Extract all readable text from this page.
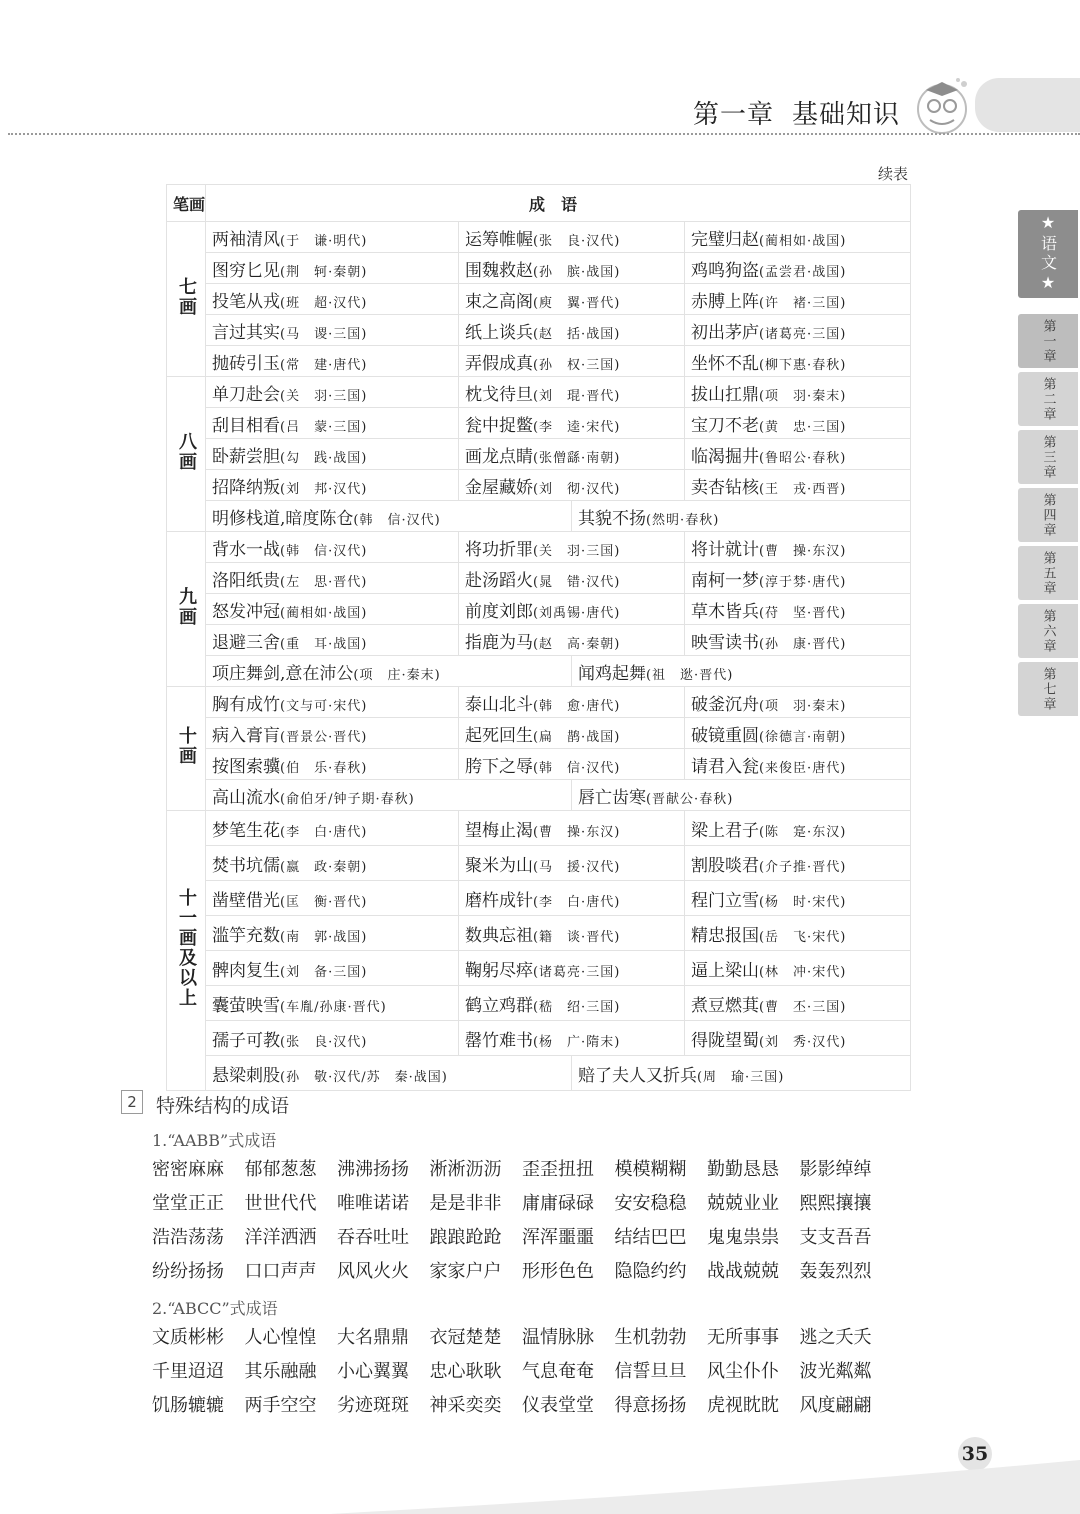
第一章 基础知识
续表
★语文★
第一章
第二章
第三章
第四章
第五章
第六章
第七章
笔画	成语			
七画	两袖清风(于　谦·明代)	运筹帷幄(张　良·汉代)		完璧归赵(蔺相如·战国)
	图穷匕见(荆　轲·秦朝)	围魏救赵(孙　膑·战国)		鸡鸣狗盗(孟尝君·战国)
	投笔从戎(班　超·汉代)	束之高阁(庾　翼·晋代)		赤膊上阵(许　褚·三国)
	言过其实(马　谡·三国)	纸上谈兵(赵　括·战国)		初出茅庐(诸葛亮·三国)
	抛砖引玉(常　建·唐代)	弄假成真(孙　权·三国)		坐怀不乱(柳下惠·春秋)
八画	单刀赴会(关　羽·三国)	枕戈待旦(刘　琨·晋代)		拔山扛鼎(项　羽·秦末)
	刮目相看(吕　蒙·三国)	瓮中捉鳖(李　逵·宋代)		宝刀不老(黄　忠·三国)
	卧薪尝胆(勾　践·战国)	画龙点睛(张僧繇·南朝)		临渴掘井(鲁昭公·春秋)
	招降纳叛(刘　邦·汉代)	金屋藏娇(刘　彻·汉代)		卖杏钻核(王　戎·西晋)
	明修栈道,暗度陈仓(韩　信·汉代)		其貌不扬(然明·春秋)	
九画	背水一战(韩　信·汉代)	将功折罪(关　羽·三国)		将计就计(曹　操·东汉)
	洛阳纸贵(左　思·晋代)	赴汤蹈火(晁　错·汉代)		南柯一梦(淳于棼·唐代)
	怒发冲冠(蔺相如·战国)	前度刘郎(刘禹锡·唐代)		草木皆兵(苻　坚·晋代)
	退避三舍(重　耳·战国)	指鹿为马(赵　高·秦朝)		映雪读书(孙　康·晋代)
	项庄舞剑,意在沛公(项　庄·秦末)		闻鸡起舞(祖　逖·晋代)	
十画	胸有成竹(文与可·宋代)	泰山北斗(韩　愈·唐代)		破釜沉舟(项　羽·秦末)
	病入膏肓(晋景公·晋代)	起死回生(扁　鹊·战国)		破镜重圆(徐德言·南朝)
	按图索骥(伯　乐·春秋)	胯下之辱(韩　信·汉代)		请君入瓮(来俊臣·唐代)
	高山流水(俞伯牙/钟子期·春秋)		唇亡齿寒(晋献公·春秋)	
十一画及以上	梦笔生花(李　白·唐代)	望梅止渴(曹　操·东汉)		梁上君子(陈　寔·东汉)
	焚书坑儒(嬴　政·秦朝)	聚米为山(马　援·汉代)		割股啖君(介子推·晋代)
	凿壁借光(匡　衡·晋代)	磨杵成针(李　白·唐代)		程门立雪(杨　时·宋代)
	滥竽充数(南　郭·战国)	数典忘祖(籍　谈·晋代)		精忠报国(岳　飞·宋代)
	髀肉复生(刘　备·三国)	鞠躬尽瘁(诸葛亮·三国)		逼上梁山(林　冲·宋代)
	囊萤映雪(车胤/孙康·晋代)	鹤立鸡群(嵇　绍·三国)		煮豆燃萁(曹　丕·三国)
	孺子可教(张　良·汉代)	罄竹难书(杨　广·隋末)		得陇望蜀(刘　秀·汉代)
	悬梁刺股(孙　敬·汉代/苏　秦·战国)		赔了夫人又折兵(周　瑜·三国)	
2	特殊结构的成语
1.“AABB”式成语
密密麻麻	郁郁葱葱	沸沸扬扬	淅淅沥沥	歪歪扭扭	模模糊糊	勤勤恳恳	影影绰绰
堂堂正正	世世代代	唯唯诺诺	是是非非	庸庸碌碌	安安稳稳	兢兢业业	熙熙攘攘
浩浩荡荡	洋洋洒洒	吞吞吐吐	踉踉跄跄	浑浑噩噩	结结巴巴	鬼鬼祟祟	支支吾吾
纷纷扬扬	口口声声	风风火火	家家户户	形形色色	隐隐约约	战战兢兢	轰轰烈烈
2.“ABCC”式成语
文质彬彬	人心惶惶	大名鼎鼎	衣冠楚楚	温情脉脉	生机勃勃	无所事事	逃之夭夭
千里迢迢	其乐融融	小心翼翼	忠心耿耿	气息奄奄	信誓旦旦	风尘仆仆	波光粼粼
饥肠辘辘	两手空空	劣迹斑斑	神采奕奕	仪表堂堂	得意扬扬	虎视眈眈	风度翩翩
35
